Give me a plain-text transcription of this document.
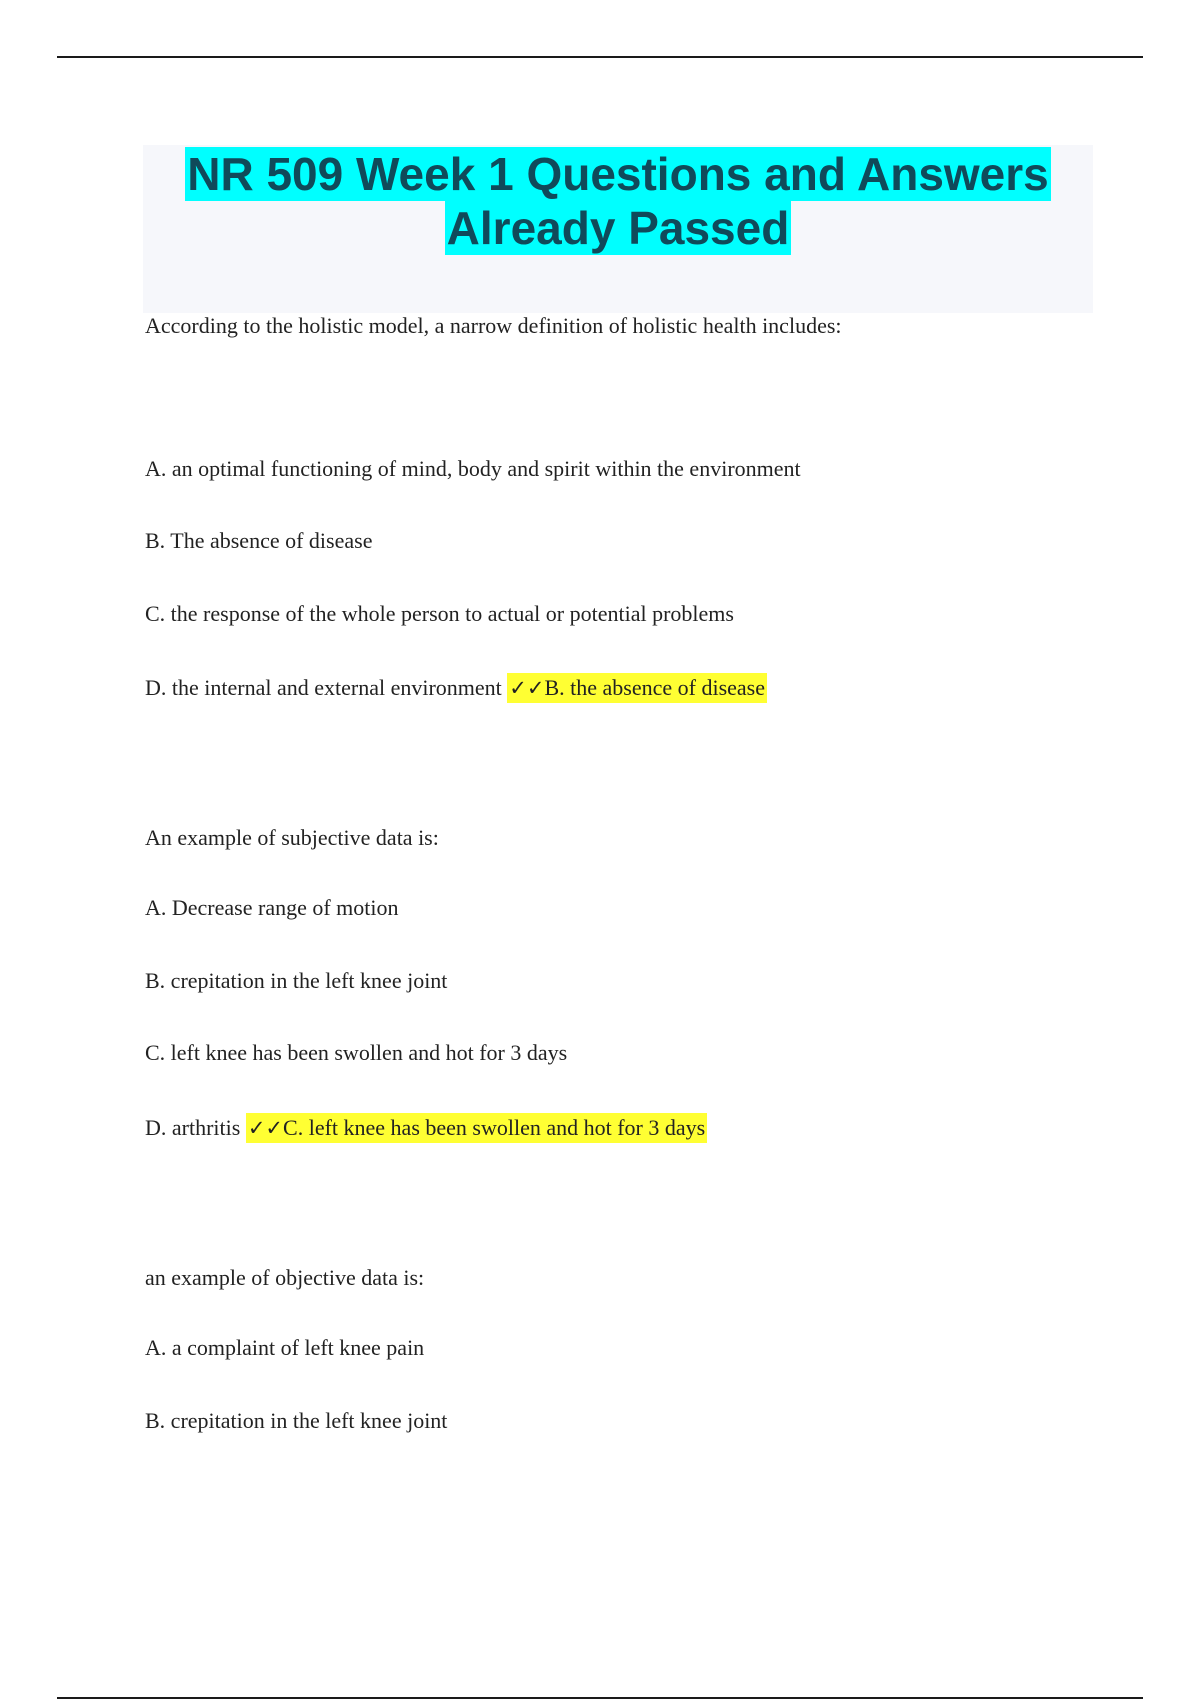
NR 509 Week 1 Questions and Answers
Already Passed
According to the holistic model, a narrow definition of holistic health includes:
A. an optimal functioning of mind, body and spirit within the environment
B. The absence of disease
C. the response of the whole person to actual or potential problems
D. the internal and external environment ✓✓B. the absence of disease
An example of subjective data is:
A. Decrease range of motion
B. crepitation in the left knee joint
C. left knee has been swollen and hot for 3 days
D. arthritis ✓✓C. left knee has been swollen and hot for 3 days
an example of objective data is:
A. a complaint of left knee pain
B. crepitation in the left knee joint
